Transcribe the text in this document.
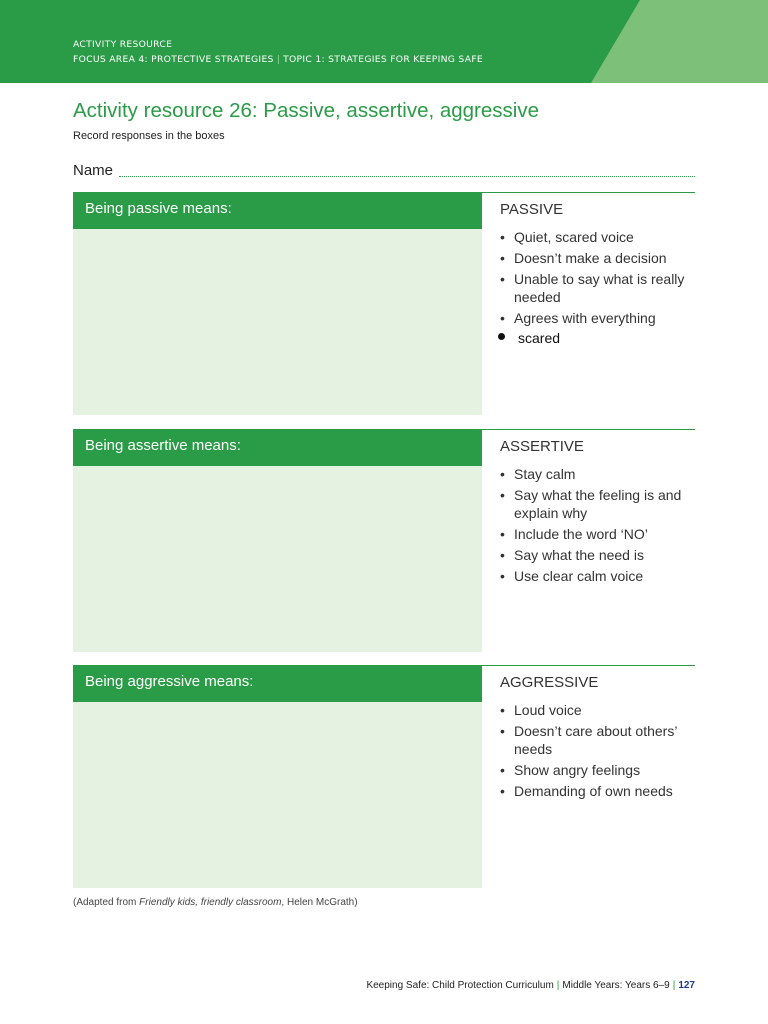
ACTIVITY RESOURCE
FOCUS AREA 4: PROTECTIVE STRATEGIES | TOPIC 1: STRATEGIES FOR KEEPING SAFE
Activity resource 26: Passive, assertive, aggressive
Record responses in the boxes
Name
Being passive means:	PASSIVE
• Quiet, scared voice
• Doesn’t make a decision
• Unable to say what is really needed
• Agrees with everything
scared
Being assertive means:	ASSERTIVE
• Stay calm
• Say what the feeling is and explain why
• Include the word ‘NO’
• Say what the need is
• Use clear calm voice
Being aggressive means:	AGGRESSIVE
• Loud voice
• Doesn’t care about others’ needs
• Show angry feelings
• Demanding of own needs
(Adapted from Friendly kids, friendly classroom, Helen McGrath)
Keeping Safe: Child Protection Curriculum | Middle Years: Years 6–9 | 127
